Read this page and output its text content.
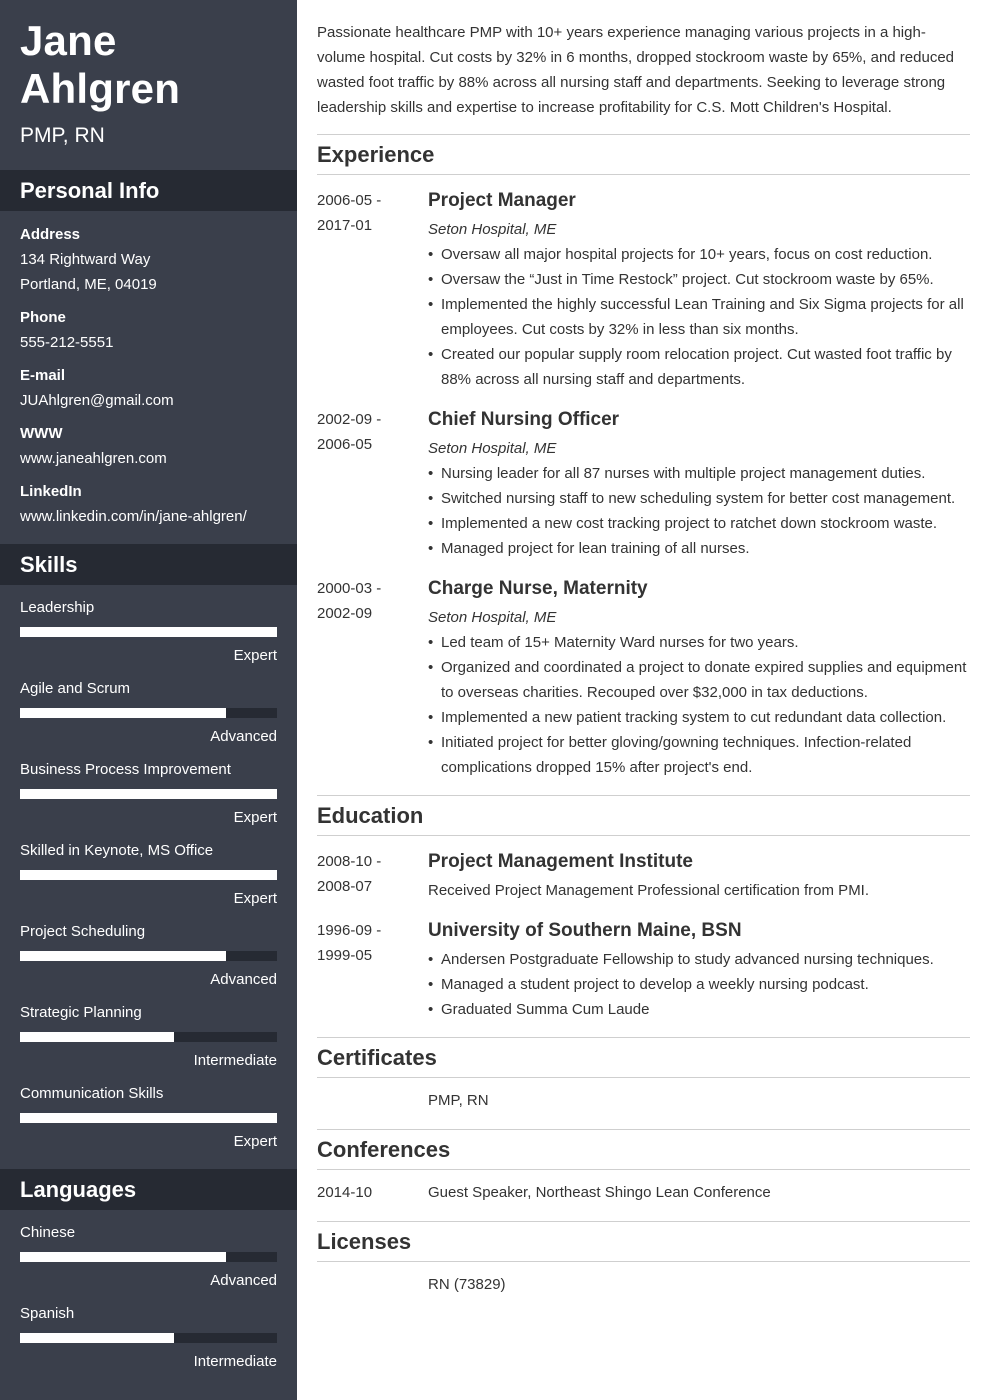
Jane Ahlgren
PMP, RN
Personal Info
Address
134 Rightward Way
Portland, ME, 04019
Phone
555-212-5551
E-mail
JUAhlgren@gmail.com
WWW
www.janeahlgren.com
LinkedIn
www.linkedin.com/in/jane-ahlgren/
Skills
Leadership
Expert
Agile and Scrum
Advanced
Business Process Improvement
Expert
Skilled in Keynote, MS Office
Expert
Project Scheduling
Advanced
Strategic Planning
Intermediate
Communication Skills
Expert
Languages
Chinese
Advanced
Spanish
Intermediate
Passionate healthcare PMP with 10+ years experience managing various projects in a high-volume hospital. Cut costs by 32% in 6 months, dropped stockroom waste by 65%, and reduced wasted foot traffic by 88% across all nursing staff and departments. Seeking to leverage strong leadership skills and expertise to increase profitability for C.S. Mott Children's Hospital.
Experience
2006-05 -
2017-01
Project Manager
Seton Hospital, ME
• Oversaw all major hospital projects for 10+ years, focus on cost reduction.
• Oversaw the “Just in Time Restock” project. Cut stockroom waste by 65%.
• Implemented the highly successful Lean Training and Six Sigma projects for all employees. Cut costs by 32% in less than six months.
• Created our popular supply room relocation project. Cut wasted foot traffic by 88% across all nursing staff and departments.
2002-09 -
2006-05
Chief Nursing Officer
Seton Hospital, ME
• Nursing leader for all 87 nurses with multiple project management duties.
• Switched nursing staff to new scheduling system for better cost management.
• Implemented a new cost tracking project to ratchet down stockroom waste.
• Managed project for lean training of all nurses.
2000-03 -
2002-09
Charge Nurse, Maternity
Seton Hospital, ME
• Led team of 15+ Maternity Ward nurses for two years.
• Organized and coordinated a project to donate expired supplies and equipment to overseas charities. Recouped over $32,000 in tax deductions.
• Implemented a new patient tracking system to cut redundant data collection.
• Initiated project for better gloving/gowning techniques. Infection-related complications dropped 15% after project's end.
Education
2008-10 -
2008-07
Project Management Institute
Received Project Management Professional certification from PMI.
1996-09 -
1999-05
University of Southern Maine, BSN
• Andersen Postgraduate Fellowship to study advanced nursing techniques.
• Managed a student project to develop a weekly nursing podcast.
• Graduated Summa Cum Laude
Certificates
PMP, RN
Conferences
2014-10	Guest Speaker, Northeast Shingo Lean Conference
Licenses
RN (73829)
